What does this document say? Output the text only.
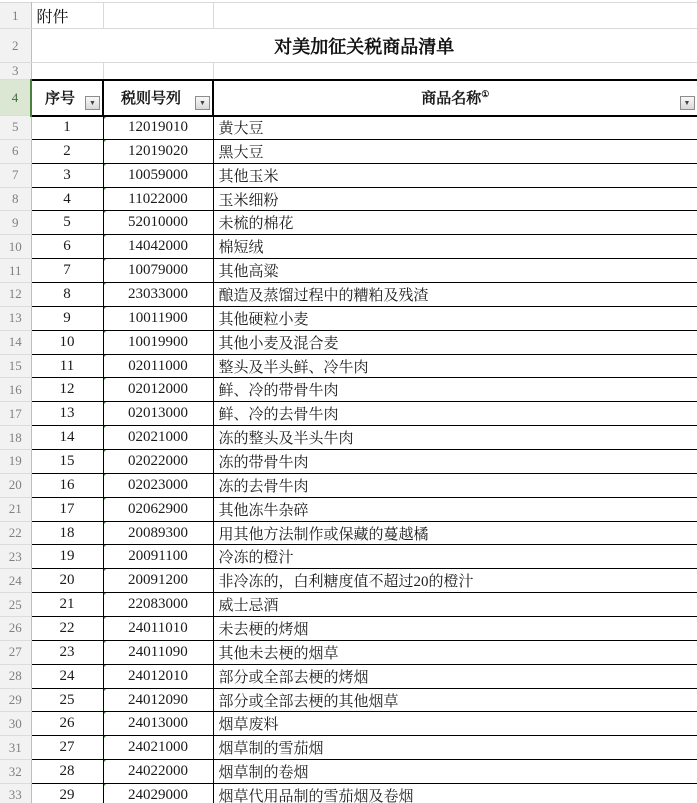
1	附件		
2	对美加征关税商品清单		
3			
4	序号 ▼	税则号列 ▼	商品名称①
▼

5	1	12019010	黄大豆
6	2	12019020	黑大豆
7	3	10059000	其他玉米
8	4	11022000	玉米细粉
9	5	52010000	未梳的棉花
10	6	14042000	棉短绒
11	7	10079000	其他高粱
12	8	23033000	酿造及蒸馏过程中的糟粕及残渣
13	9	10011900	其他硬粒小麦
14	10	10019900	其他小麦及混合麦
15	11	02011000	整头及半头鲜、冷牛肉
16	12	02012000	鲜、冷的带骨牛肉
17	13	02013000	鲜、冷的去骨牛肉
18	14	02021000	冻的整头及半头牛肉
19	15	02022000	冻的带骨牛肉
20	16	02023000	冻的去骨牛肉
21	17	02062900	其他冻牛杂碎
22	18	20089300	用其他方法制作或保藏的蔓越橘
23	19	20091100	冷冻的橙汁
24	20	20091200	非冷冻的，白利糖度值不超过20的橙汁
25	21	22083000	威士忌酒
26	22	24011010	未去梗的烤烟
27	23	24011090	其他未去梗的烟草
28	24	24012010	部分或全部去梗的烤烟
29	25	24012090	部分或全部去梗的其他烟草
30	26	24013000	烟草废料
31	27	24021000	烟草制的雪茄烟
32	28	24022000	烟草制的卷烟
33	29	24029000	烟草代用品制的雪茄烟及卷烟
